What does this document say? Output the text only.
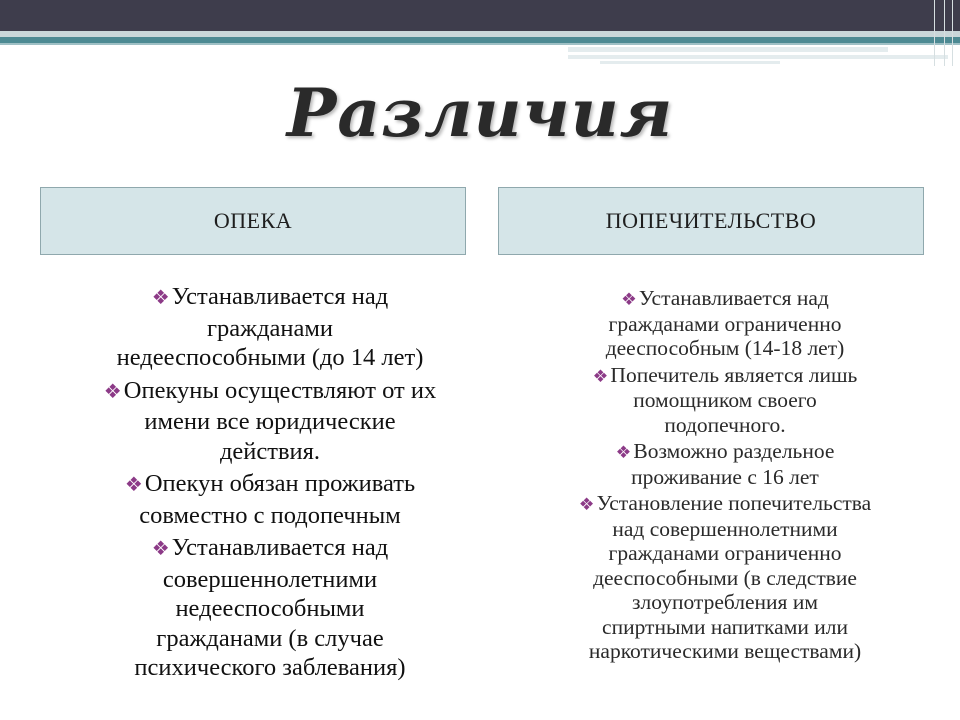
Различия
ОПЕКА	ПОПЕЧИТЕЛЬСТВО
❖Устанавливается над
гражданами
недееспособными (до 14 лет)
❖Опекуны осуществляют от их
имени все юридические
действия.
❖Опекун обязан проживать
совместно с подопечным
❖Устанавливается над
совершеннолетними
недееспособными
гражданами (в случае
психического заблевания)
❖Устанавливается над
гражданами ограниченно
дееспособным (14-18 лет)
❖Попечитель является лишь
помощником своего
подопечного.
❖Возможно раздельное
проживание с 16 лет
❖Установление попечительства
над совершеннолетними
гражданами ограниченно
дееспособными (в следствие
злоупотребления им
спиртными напитками или
наркотическими веществами)
